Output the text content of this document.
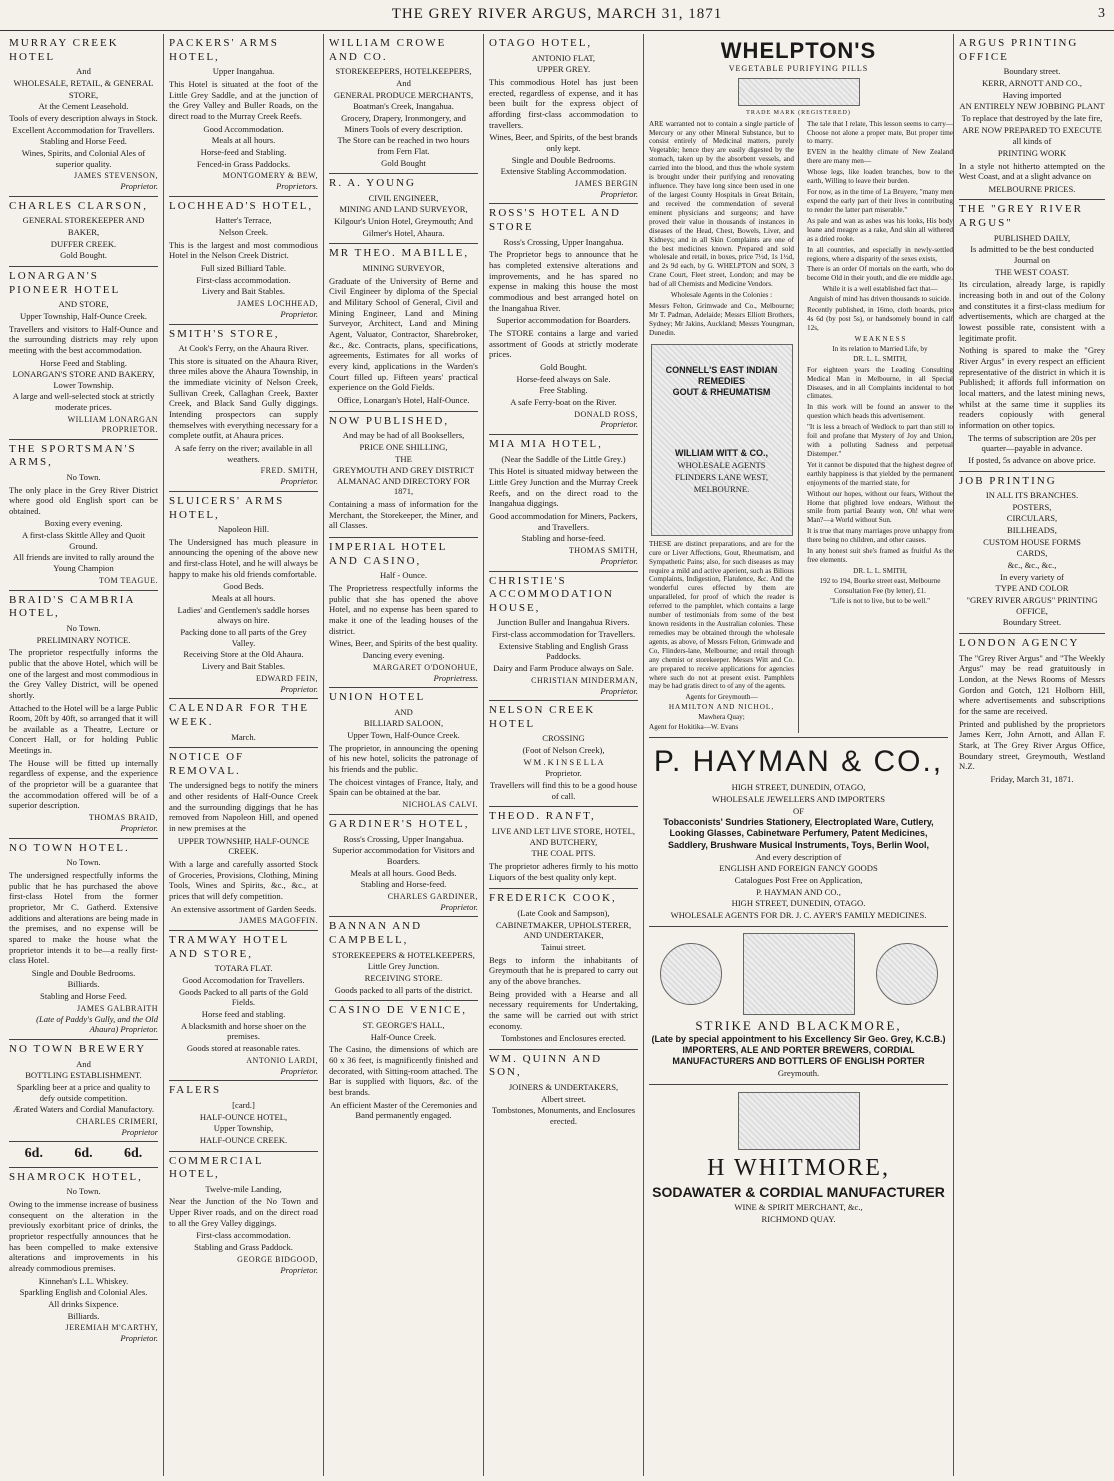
THE GREY RIVER ARGUS, MARCH 31, 1871	3
MURRAY CREEK HOTEL
And
WHOLESALE, RETAIL, & GENERAL
STORE,
At the Cement Leasehold.
Tools of every description always in Stock.
Excellent Accommodation for Travellers.
Stabling and Horse Feed.
Wines, Spirits, and Colonial Ales of superior quality.
JAMES STEVENSON,
Proprietor.
CHARLES CLARSON,
GENERAL STOREKEEPER AND
BAKER,
DUFFER CREEK.
Gold Bought.
LONARGAN'S PIONEER HOTEL
AND STORE,
Upper Township, Half-Ounce Creek.
Travellers and visitors to Half-Ounce and the surrounding districts may rely upon meeting with the best accommodation.
Horse Feed and Stabling.
LONARGAN'S STORE AND BAKERY, Lower Township.
A large and well-selected stock at strictly moderate prices.
WILLIAM LONARGAN PROPRIETOR.
THE SPORTSMAN'S ARMS,
No Town.
The only place in the Grey River District where good old English sport can be obtained.
Boxing every evening.
A first-class Skittle Alley and Quoit Ground.
All friends are invited to rally around the Young Champion
TOM TEAGUE.
BRAID'S CAMBRIA HOTEL,
No Town.
PRELIMINARY NOTICE.
The proprietor respectfully informs the public that the above Hotel, which will be one of the largest and most commodious in the Grey Valley District, will be opened shortly.
Attached to the Hotel will be a large Public Room, 20ft by 40ft, so arranged that it will be available as a Theatre, Lecture or Concert Hall, or for holding Public Meetings in.
The House will be fitted up internally regardless of expense, and the experience of the proprietor will be a guarantee that the accommodation offered will be of a superior description.
THOMAS BRAID,
Proprietor.
NO TOWN HOTEL.
No Town.
The undersigned respectfully informs the public that he has purchased the above first-class Hotel from the former proprietor, Mr C. Gatherd. Extensive additions and alterations are being made in the premises, and no expense will be spared to make the house what the proprietor intends it to be—a really first-class Hotel.
Single and Double Bedrooms.
Billiards.
Stabling and Horse Feed.
JAMES GALBRAITH
(Late of Paddy's Gully, and the Old Ahaura) Proprietor.
NO TOWN BREWERY
And
BOTTLING ESTABLISHMENT.
Sparkling beer at a price and quality to defy outside competition.
Ærated Waters and Cordial Manufactory.
CHARLES CRIMERI,
Proprietor
6d. 6d. 6d.
SHAMROCK HOTEL,
No Town.
Owing to the immense increase of business consequent on the alteration in the previously exorbitant price of drinks, the proprietor respectfully announces that he has been compelled to make extensive alterations and improvements in his already commodious premises.
Kinnehan's L.L. Whiskey.
Sparkling English and Colonial Ales.
All drinks Sixpence.
Billiards.
JEREMIAH M'CARTHY,
Proprietor.
PACKERS' ARMS HOTEL,
Upper Inangahua.
This Hotel is situated at the foot of the Little Grey Saddle, and at the junction of the Grey Valley and Buller Roads, on the direct road to the Murray Creek Reefs.
Good Accommodation.
Meals at all hours.
Horse-feed and Stabling.
Fenced-in Grass Paddocks.
MONTGOMERY & BEW,
Proprietors.
LOCHHEAD'S HOTEL,
Hatter's Terrace,
Nelson Creek.
This is the largest and most commodious Hotel in the Nelson Creek District.
Full sized Billiard Table.
First-class accommodation.
Livery and Bait Stables.
JAMES LOCHHEAD,
Proprietor.
SMITH'S STORE,
At Cook's Ferry, on the Ahaura River.
This store is situated on the Ahaura River, three miles above the Ahaura Township, in the immediate vicinity of Nelson Creek, Sullivan Creek, Callaghan Creek, Baxter Creek, and Black Sand Gully diggings. Intending prospectors can supply themselves with everything necessary for a complete outfit, at Ahaura prices.
A safe ferry on the river; available in all weathers.
FRED. SMITH,
Proprietor.
SLUICERS' ARMS HOTEL,
Napoleon Hill.
The Undersigned has much pleasure in announcing the opening of the above new and first-class Hotel, and he will always be happy to make his old friends comfortable.
Good Beds.
Meals at all hours.
Ladies' and Gentlemen's saddle horses always on hire.
Packing done to all parts of the Grey Valley.
Receiving Store at the Old Ahaura.
Livery and Bait Stables.
EDWARD FEIN,
Proprietor.
CALENDAR FOR THE WEEK.
March.
NOTICE OF REMOVAL.
The undersigned begs to notify the miners and other residents of Half-Ounce Creek and the surrounding diggings that he has removed from Napoleon Hill, and opened in new premises at the
UPPER TOWNSHIP, HALF-OUNCE CREEK.
With a large and carefully assorted Stock of Groceries, Provisions, Clothing, Mining Tools, Wines and Spirits, &c., &c., at prices that will defy competition.
An extensive assortment of Garden Seeds.
JAMES MAGOFFIN.
TRAMWAY HOTEL AND STORE,
TOTARA FLAT.
Good Accomodation for Travellers.
Goods Packed to all parts of the Gold Fields.
Horse feed and stabling.
A blacksmith and horse shoer on the premises.
Goods stored at reasonable rates.
ANTONIO LARDI,
Proprietor.
FALERS
[card.]
HALF-OUNCE HOTEL,
Upper Township,
HALF-OUNCE CREEK.
COMMERCIAL HOTEL,
Twelve-mile Landing,
Near the Junction of the No Town and Upper River roads, and on the direct road to all the Grey Valley diggings.
First-class accommodation.
Stabling and Grass Paddock.
GEORGE BIDGOOD,
Proprietor.
WILLIAM CROWE AND CO.
STOREKEEPERS, HOTELKEEPERS,
And
GENERAL PRODUCE MERCHANTS,
Boatman's Creek, Inangahua.
Grocery, Drapery, Ironmongery, and Miners Tools of every description.
The Store can be reached in two hours from Fern Flat.
Gold Bought
R. A. YOUNG
CIVIL ENGINEER,
MINING AND LAND SURVEYOR,
Kilgour's Union Hotel, Greymouth; And
Gilmer's Hotel, Ahaura.
MR THEO. MABILLE,
MINING SURVEYOR,
Graduate of the University of Berne and Civil Engineer by diploma of the Special and Military School of General, Civil and Mining Engineer, Land and Mining Surveyor, Architect, Land and Mining Agent, Valuator, Contractor, Sharebroker, &c., &c. Contracts, plans, specifications, agreements, Estimates for all works of every kind, applications in the Warden's Court filled up. Fifteen years' practical experience on the Gold Fields.
Office, Lonargan's Hotel, Half-Ounce.
NOW PUBLISHED,
And may be had of all Booksellers,
PRICE ONE SHILLING,
THE
GREYMOUTH AND GREY DISTRICT ALMANAC AND DIRECTORY FOR 1871,
Containing a mass of information for the Merchant, the Storekeeper, the Miner, and all Classes.
IMPERIAL HOTEL AND CASINO,
Half - Ounce.
The Proprietress respectfully informs the public that she has opened the above Hotel, and no expense has been spared to make it one of the leading houses of the district.
Wines, Beer, and Spirits of the best quality.
Dancing every evening.
MARGARET O'DONOHUE,
Proprietress.
UNION HOTEL
AND
BILLIARD SALOON,
Upper Town, Half-Ounce Creek.
The proprietor, in announcing the opening of his new hotel, solicits the patronage of his friends and the public.
The choicest vintages of France, Italy, and Spain can be obtained at the bar.
NICHOLAS CALVI.
GARDINER'S HOTEL,
Ross's Crossing, Upper Inangahua.
Superior accommodation for Visitors and Boarders.
Meals at all hours. Good Beds.
Stabling and Horse-feed.
CHARLES GARDINER,
Proprietor.
BANNAN AND CAMPBELL,
STOREKEEPERS & HOTELKEEPERS,
Little Grey Junction.
RECEIVING STORE.
Goods packed to all parts of the district.
CASINO DE VENICE,
ST. GEORGE'S HALL,
Half-Ounce Creek.
The Casino, the dimensions of which are 60 x 36 feet, is magnificently finished and decorated, with Sitting-room attached. The Bar is supplied with liquors, &c. of the best brands.
An efficient Master of the Ceremonies and Band permanently engaged.
OTAGO HOTEL,
ANTONIO FLAT,
UPPER GREY.
This commodious Hotel has just been erected, regardless of expense, and it has been built for the express object of affording first-class accommodation to travellers.
Wines, Beer, and Spirits, of the best brands only kept.
Single and Double Bedrooms.
Extensive Stabling Accommodation.
JAMES BERGIN
Proprietor.
ROSS'S HOTEL AND STORE
Ross's Crossing, Upper Inangahua.
The Proprietor begs to announce that he has completed extensive alterations and improvements, and he has spared no expense in making this house the most commodious and best arranged hotel on the Inangahua River.
Superior accommodation for Boarders.
The STORE contains a large and varied assortment of Goods at strictly moderate prices.
Gold Bought.
Horse-feed always on Sale.
Free Stabling.
A safe Ferry-boat on the River.
DONALD ROSS,
Proprietor.
MIA MIA HOTEL,
(Near the Saddle of the Little Grey.)
This Hotel is situated midway between the Little Grey Junction and the Murray Creek Reefs, and on the direct road to the Inangahua diggings.
Good accommodation for Miners, Packers, and Travellers.
Stabling and horse-feed.
THOMAS SMITH,
Proprietor.
CHRISTIE'S ACCOMMODATION HOUSE,
Junction Buller and Inangahua Rivers.
First-class accommodation for Travellers.
Extensive Stabling and English Grass Paddocks.
Dairy and Farm Produce always on Sale.
CHRISTIAN MINDERMAN,
Proprietor.
NELSON CREEK HOTEL
CROSSING
(Foot of Nelson Creek),
W M . K I N S E L L A
Proprietor.
Travellers will find this to be a good house of call.
THEOD. RANFT,
LIVE AND LET LIVE STORE, HOTEL, AND BUTCHERY,
THE COAL PITS.
The proprietor adheres firmly to his motto Liquors of the best quality only kept.
FREDERICK COOK,
(Late Cook and Sampson),
CABINETMAKER, UPHOLSTERER, AND UNDERTAKER,
Tainui street.
Begs to inform the inhabitants of Greymouth that he is prepared to carry out any of the above branches.
Being provided with a Hearse and all necessary requirements for Undertaking, the same will be carried out with strict economy.
Tombstones and Enclosures erected.
WM. QUINN AND SON,
JOINERS & UNDERTAKERS,
Albert street.
Tombstones, Monuments, and Enclosures erected.
WHELPTON'S
VEGETABLE PURIFYING PILLS
TRADE MARK (REGISTERED)
ARE warranted not to contain a single particle of Mercury or any other Mineral Substance, but to consist entirely of Medicinal matters, purely Vegetable; hence they are easily digested by the stomach, taken up by the absorbent vessels, and carried into the blood, and thus the whole system is brought under their purifying and renovating influence. They have long since been used in one of the largest County Hospitals in Great Britain, and received the commendation of several eminent physicians and surgeons; and have proved their value in thousands of instances in diseases of the Head, Chest, Bowels, Liver, and Kidneys; and in all Skin Complaints are one of the best medicines known. Prepared and sold wholesale and retail, in boxes, price 7½d, 1s 1½d, and 2s 9d each, by G. WHELPTON and SON, 3 Crane Court, Fleet street, London; and may be had of all Chemists and Medicine Vendors.
Wholesale Agents in the Colonies :
Messrs Felton, Grimwade and Co., Melbourne; Mr T. Padman, Adelaide; Messrs Elliott Brothers, Sydney; Mr Jakins, Auckland; Messrs Youngman, Dunedin.
CONNELL'S EAST INDIAN REMEDIES
GOUT & RHEUMATISM
WILLIAM WITT & CO.,
WHOLESALE AGENTS
FLINDERS LANE WEST,
MELBOURNE.
THESE are distinct preparations, and are for the cure or Liver Affections, Gout, Rheumatism, and Sympathetic Pains; also, for such diseases as may require a mild and active aperient, such as Bilious Complaints, Indigestion, Flatulence, &c. And the wonderful cures effected by them are unparalleled, for proof of which the reader is referred to the pamphlet, which contains a large number of testimonials from some of the best known residents in the Australian colonies. These remedies may be obtained through the wholesale agents, as above, of Messrs Felton, Grimwade and Co, Flinders-lane, Melbourne; and retail through any chemist or storekeeper. Messrs Witt and Co. are prepared to receive applications for agencies where such do not at present exist. Pamphlets may be had gratis direct to of any of the agents.
Agents for Greymouth—
HAMILTON AND NICHOL,
Mawhera Quay;
Agent for Hokitika—W. Evans
The tale that I relate, This lesson seems to carry— Choose not alone a proper mate, But proper time to marry.
EVEN in the healthy climate of New Zealand there are many men—
Whose legs, like loaden branches, bow to the earth, Willing to leave their burden.
For now, as in the time of La Bruyere, "many men expend the early part of their lives in contributing to render the latter part miserable."
As pale and wan as ashes was his looks, His body leane and meagre as a rake, And skin all withered as a dried rooke.
In all countries, and especially in newly-settled regions, where a disparity of the sexes exists,
There is an order Of mortals on the earth, who do become Old in their youth, and die ere middle age.
While it is a well established fact that—
Anguish of mind has driven thousands to suicide.
Recently published, in 16mo, cloth boards, price 4s 6d (by post 5s), or handsomely bound in calf 12s,
W E A K N E S S
In its relation to Married Life, by
DR. L. L. SMITH,
For eighteen years the Leading Consulting Medical Man in Melbourne, in all Special Diseases, and in all Complaints incidental to hot climates.
In this work will be found an answer to the question which heads this advertisement.
"It is less a breach of Wedlock to part than still to foil and profane that Mystery of Joy and Union, with a polluting Sadness and perpetual Distemper."
Yet it cannot be disputed that the highest degree of earthly happiness is that yielded by the permanent enjoyments of the married state, for
Without our hopes, without our fears, Without the Home that plighted love endears, Without the smile from partial Beauty won, Oh! what were Man?—a World without Sun.
It is true that many marriages prove unhappy from there being no children, and other causes.
In any honest suit she's framed as fruitful As the free elements.
DR. L. L. SMITH,
192 to 194, Bourke street east, Melbourne
Consultation Fee (by letter), £1.
"Life is not to live, but to be well."
P. HAYMAN & CO.,
HIGH STREET, DUNEDIN, OTAGO,
WHOLESALE JEWELLERS AND IMPORTERS
OF
Tobacconists' Sundries Stationery, Electroplated Ware, Cutlery, Looking Glasses, Cabinetware Perfumery, Patent Medicines, Saddlery, Brushware Musical Instruments, Toys, Berlin Wool,
And every description of
ENGLISH AND FOREIGN FANCY GOODS
Catalogues Post Free on Application,
P. HAYMAN AND CO.,
HIGH STREET, DUNEDIN, OTAGO.
WHOLESALE AGENTS FOR DR. J. C. AYER'S FAMILY MEDICINES.
STRIKE AND BLACKMORE,
(Late by special appointment to his Excellency Sir Geo. Grey, K.C.B.)
IMPORTERS, ALE AND PORTER BREWERS, CORDIAL MANUFACTURERS AND BOTTLERS OF ENGLISH PORTER
Greymouth.
H WHITMORE,
SODAWATER & CORDIAL MANUFACTURER
WINE & SPIRIT MERCHANT, &c.,
RICHMOND QUAY.
ARGUS PRINTING OFFICE
Boundary street.
KERR, ARNOTT AND CO.,
Having imported
AN ENTIRELY NEW JOBBING PLANT
To replace that destroyed by the late fire,
ARE NOW PREPARED TO EXECUTE
all kinds of
PRINTING WORK
In a style not hitherto attempted on the West Coast, and at a slight advance on
MELBOURNE PRICES.
THE "GREY RIVER ARGUS"
PUBLISHED DAILY,
Is admitted to be the best conducted Journal on
THE WEST COAST.
Its circulation, already large, is rapidly increasing both in and out of the Colony and constitutes it a first-class medium for advertisements, which are charged at the lowest possible rate, consistent with a legitimate profit.
Nothing is spared to make the "Grey River Argus" in every respect an efficient representative of the district in which it is Published; it affords full information on local matters, and the latest mining news, whilst at the same time it supplies its readers copiously with general information on other topics.
The terms of subscription are 20s per quarter—payable in advance.
If posted, 5s advance on above price.
JOB PRINTING
IN ALL ITS BRANCHES.
POSTERS,
CIRCULARS,
BILLHEADS,
CUSTOM HOUSE FORMS
CARDS,
&c., &c., &c.,
In every variety of
TYPE AND COLOR
"GREY RIVER ARGUS" PRINTING OFFICE,
Boundary Street.
LONDON AGENCY
The "Grey River Argus" and "The Weekly Argus" may be read gratuitously in London, at the News Rooms of Messrs Gordon and Gotch, 121 Holborn Hill, where advertisements and subscriptions for the same are received.
Printed and published by the proprietors James Kerr, John Arnott, and Allan F. Stark, at The Grey River Argus Office, Boundary street, Greymouth, Westland N.Z.
Friday, March 31, 1871.
